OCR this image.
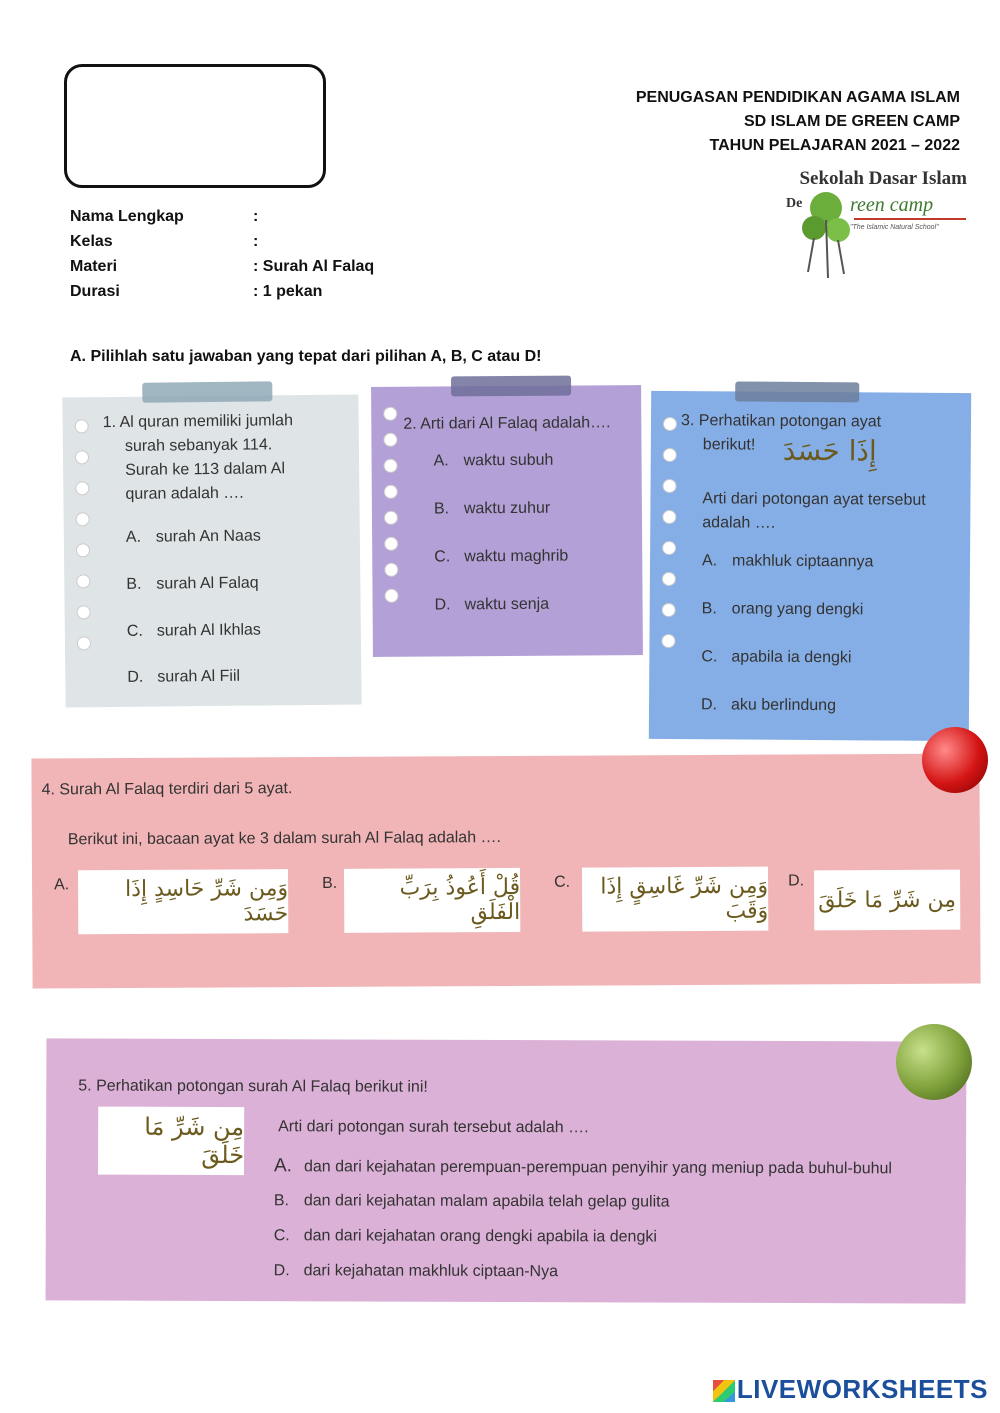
PENUGASAN PENDIDIKAN AGAMA ISLAM
SD ISLAM DE GREEN CAMP
TAHUN PELAJARAN 2021 – 2022
Sekolah Dasar Islam
De reen camp
"The Islamic Natural School"
Nama Lengkap	:
Kelas	:
Materi	: Surah Al Falaq
Durasi	: 1 pekan
A. Pilihlah satu jawaban yang tepat dari pilihan A, B, C atau D!
1. Al quran memiliki jumlah
surah sebanyak 114.
Surah ke 113 dalam Al
quran adalah ….
A. surah An Naas
B. surah Al Falaq
C. surah Al Ikhlas
D. surah Al Fiil
2. Arti dari Al Falaq adalah….
A. waktu subuh
B. waktu zuhur
C. waktu maghrib
D. waktu senja
3. Perhatikan potongan ayat
berikut! إِذَا حَسَدَ
Arti dari potongan ayat tersebut
adalah ….
A. makhluk ciptaannya
B. orang yang dengki
C. apabila ia dengki
D. aku berlindung
4. Surah Al Falaq terdiri dari 5 ayat.
Berikut ini, bacaan ayat ke 3 dalam surah Al Falaq adalah ….
A.	وَمِن شَرِّ حَاسِدٍ إِذَا حَسَدَ
B.	قُلْ أَعُوذُ بِرَبِّ الْفَلَقِ
C.	وَمِن شَرِّ غَاسِقٍ إِذَا وَقَبَ
D.
مِن شَرِّ مَا خَلَقَ
5. Perhatikan potongan surah Al Falaq berikut ini!
مِن شَرِّ مَا خَلَقَ
Arti dari potongan surah tersebut adalah ….
A. dan dari kejahatan perempuan-perempuan penyihir yang meniup pada buhul-buhul
B. dan dari kejahatan malam apabila telah gelap gulita
C. dan dari kejahatan orang dengki apabila ia dengki
D. dari kejahatan makhluk ciptaan-Nya
LIVEWORKSHEETS
